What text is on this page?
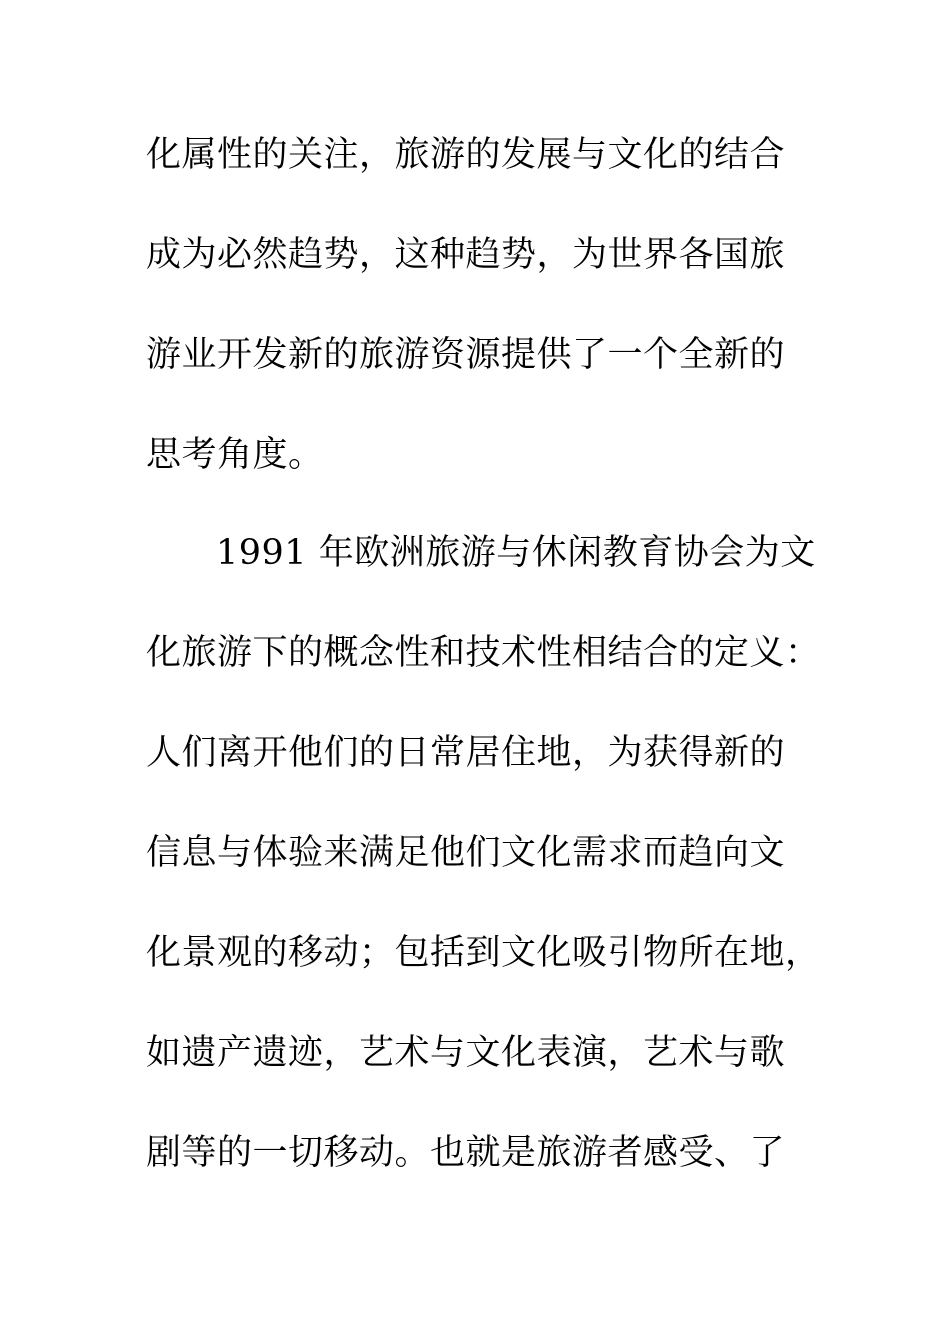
化属性的关注，旅游的发展与文化的结合
成为必然趋势，这种趋势，为世界各国旅
游业开发新的旅游资源提供了一个全新的
思考角度。
1991 年欧洲旅游与休闲教育协会为文
化旅游下的概念性和技术性相结合的定义：
人们离开他们的日常居住地，为获得新的
信息与体验来满足他们文化需求而趋向文
化景观的移动；包括到文化吸引物所在地，
如遗产遗迹，艺术与文化表演，艺术与歌
剧等的一切移动。也就是旅游者感受、了
